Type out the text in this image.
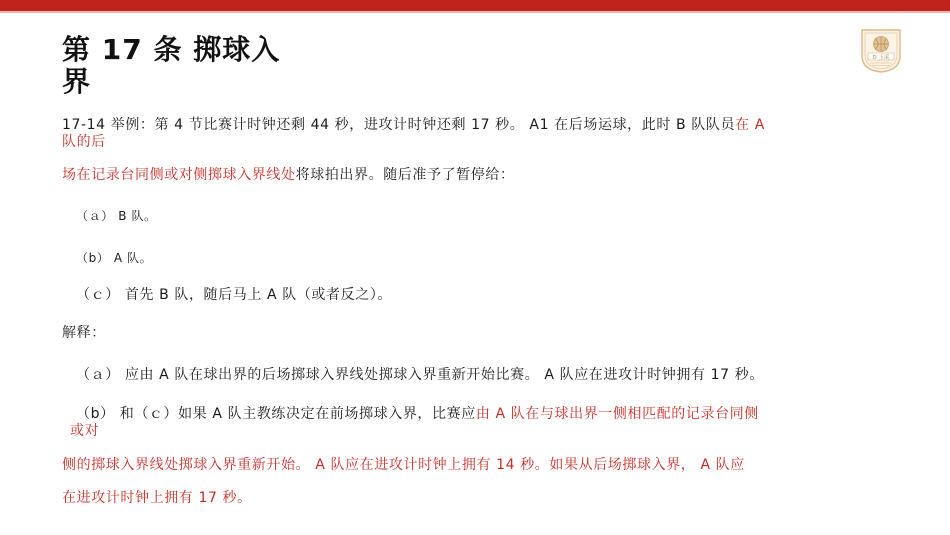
第 17 条 掷球入
界
D 玉溪
17-14 举例：第 4 节比赛计时钟还剩 44 秒，进攻计时钟还剩 17 秒。 A1 在后场运球，此时 B 队队员在 A
队的后
场在记录台同侧或对侧掷球入界线处将球拍出界。随后准予了暂停给：
（ａ） B 队。
（b） A 队。
（ｃ） 首先 B 队，随后马上 A 队（或者反之）。
解释：
（ａ） 应由 A 队在球出界的后场掷球入界线处掷球入界重新开始比赛。 A 队应在进攻计时钟拥有 17 秒。
（b） 和（ｃ）如果 A 队主教练决定在前场掷球入界，比赛应由 A 队在与球出界一侧相匹配的记录台同侧
或对
侧的掷球入界线处掷球入界重新开始。 A 队应在进攻计时钟上拥有 14 秒。如果从后场掷球入界， A 队应
在进攻计时钟上拥有 17 秒。
